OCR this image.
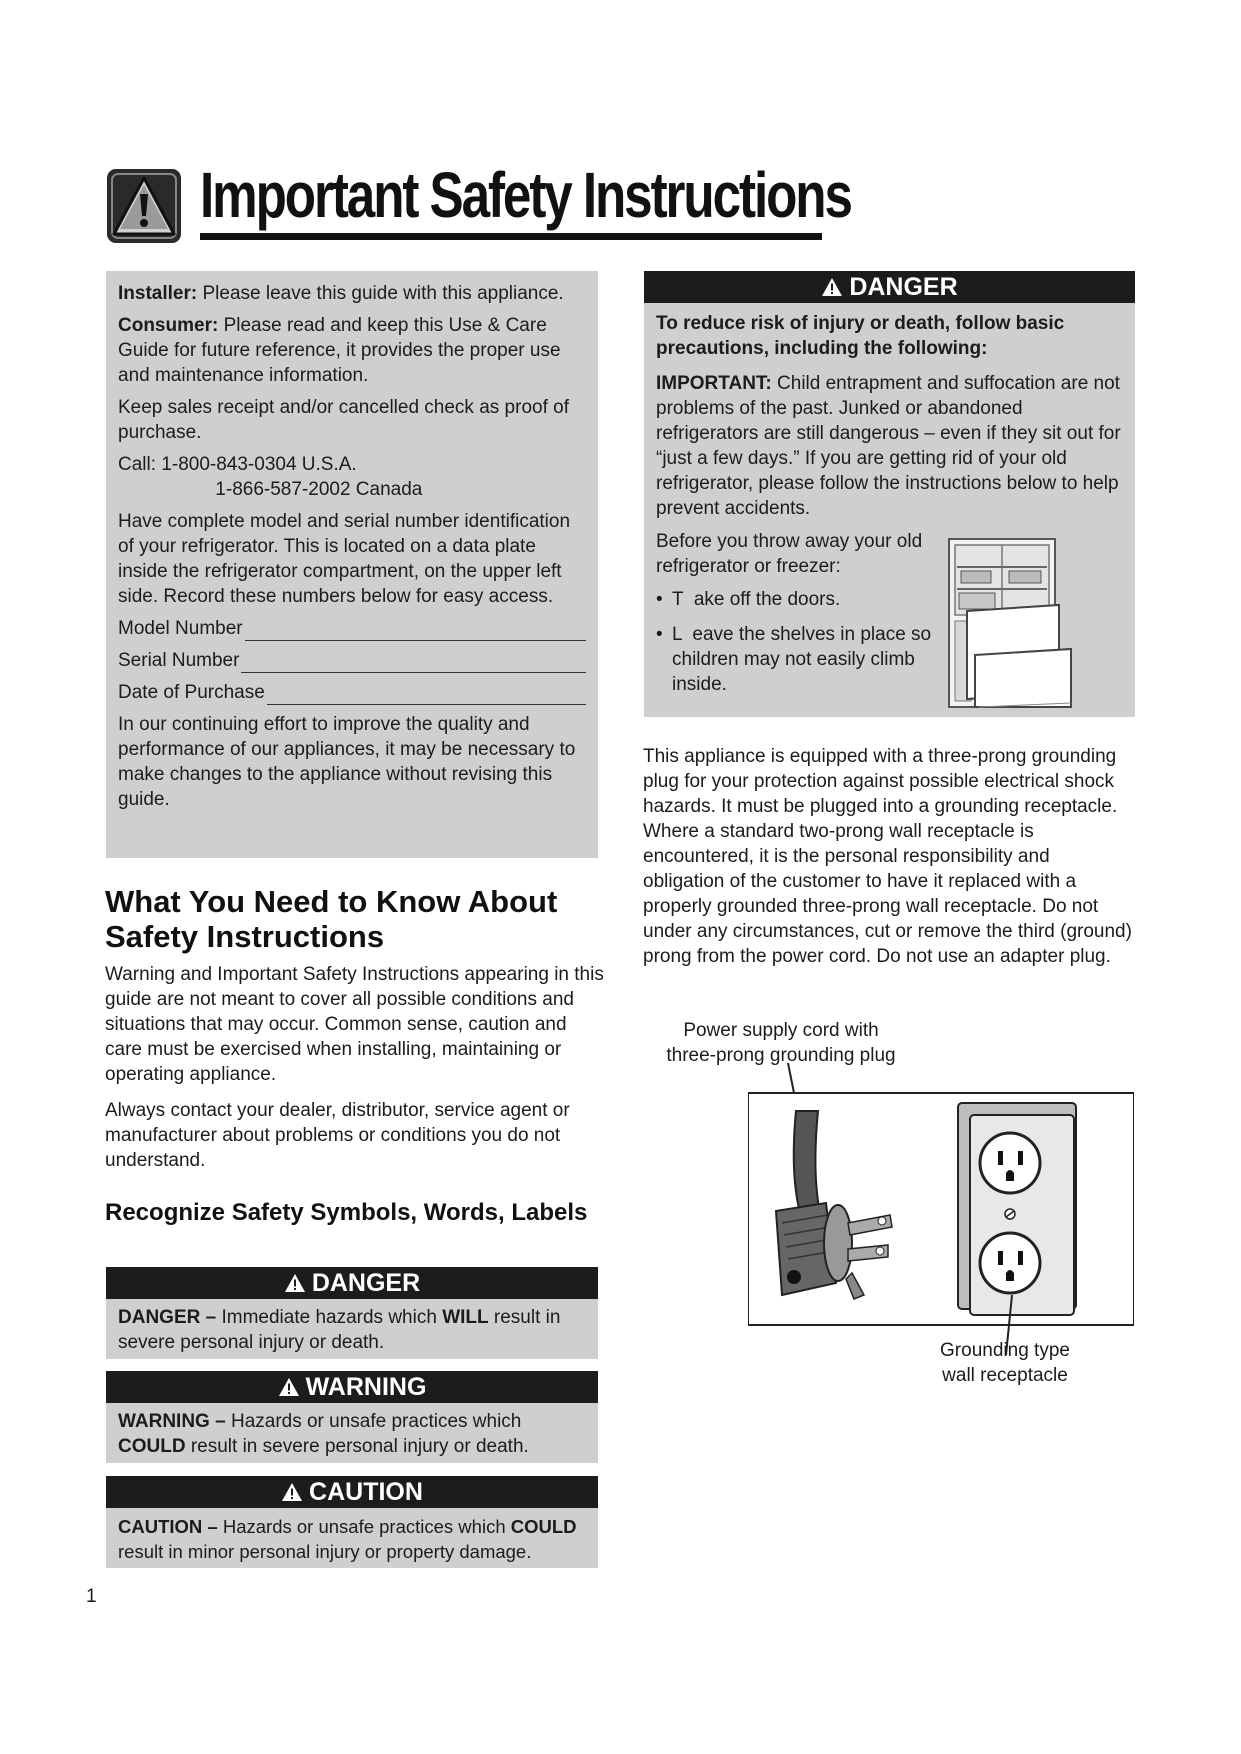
Important Safety Instructions

Installer: Please leave this guide with this appliance.

Consumer: Please read and keep this Use & Care Guide for future reference, it provides the proper use and maintenance information.

Keep sales receipt and/or cancelled check as proof of purchase.

Call: 1-800-843-0304 U.S.A.
1-866-587-2002 Canada

Have complete model and serial number identification of your refrigerator. This is located on a data plate inside the refrigerator compartment, on the upper left side. Record these numbers below for easy access.

Model Number
Serial Number
Date of Purchase

In our continuing effort to improve the quality and performance of our appliances, it may be necessary to make changes to the appliance without revising this guide.

What You Need to Know About Safety Instructions

Warning and Important Safety Instructions appearing in this guide are not meant to cover all possible conditions and situations that may occur. Common sense, caution and care must be exercised when installing, maintaining or operating appliance.

Always contact your dealer, distributor, service agent or manufacturer about problems or conditions you do not understand.

Recognize Safety Symbols, Words, Labels
DANGER
DANGER – Immediate hazards which WILL result in severe personal injury or death.
WARNING
WARNING – Hazards or unsafe practices which COULD result in severe personal injury or death.
CAUTION
CAUTION – Hazards or unsafe practices which COULD result in minor personal injury or property damage.
DANGER
To reduce risk of injury or death, follow basic precautions, including the following:

IMPORTANT: Child entrapment and suffocation are not problems of the past. Junked or abandoned refrigerators are still dangerous – even if they sit out for “just a few days.” If you are getting rid of your old refrigerator, please follow the instructions below to help prevent accidents.

Before you throw away your old refrigerator or freezer:

• T  ake off the doors.
• L  eave the shelves in place so children may not easily climb inside.
This appliance is equipped with a three-prong grounding plug for your protection against possible electrical shock hazards. It must be plugged into a grounding receptacle. Where a standard two-prong wall receptacle is encountered, it is the personal responsibility and obligation of the customer to have it replaced with a properly grounded three-prong wall receptacle. Do not under any circumstances, cut or remove the third (ground) prong from the power cord. Do not use an adapter plug.
Power supply cord with
three-prong grounding plug
Grounding type
wall receptacle
1
